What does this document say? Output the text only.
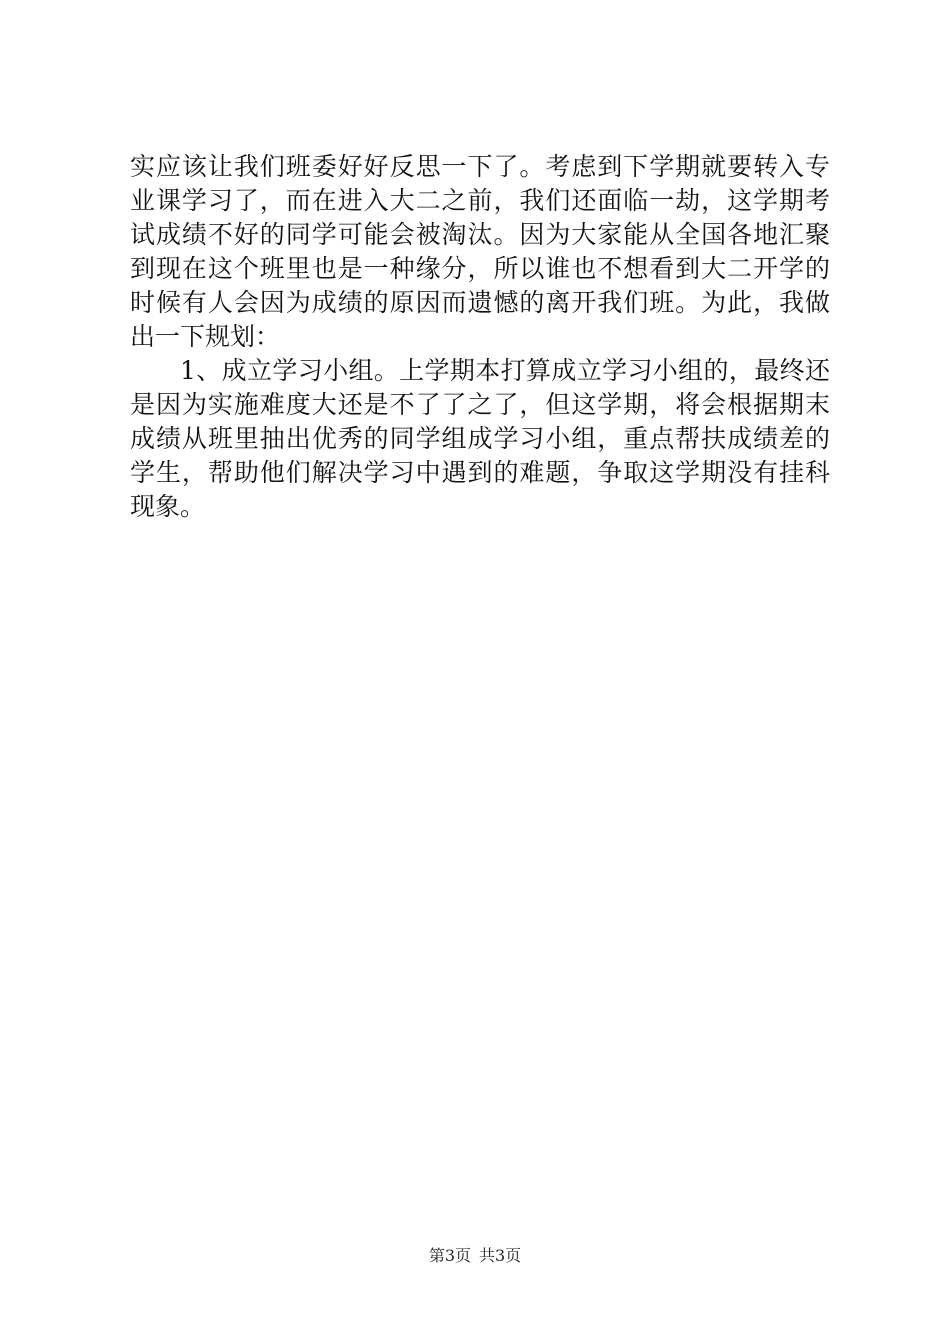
实应该让我们班委好好反思一下了。考虑到下学期就要转入专
业课学习了，而在进入大二之前，我们还面临一劫，这学期考
试成绩不好的同学可能会被淘汰。因为大家能从全国各地汇聚
到现在这个班里也是一种缘分，所以谁也不想看到大二开学的
时候有人会因为成绩的原因而遗憾的离开我们班。为此，我做
出一下规划：
1、成立学习小组。上学期本打算成立学习小组的，最终还
是因为实施难度大还是不了了之了，但这学期，将会根据期末
成绩从班里抽出优秀的同学组成学习小组，重点帮扶成绩差的
学生，帮助他们解决学习中遇到的难题，争取这学期没有挂科
现象。
第3页 共3页
